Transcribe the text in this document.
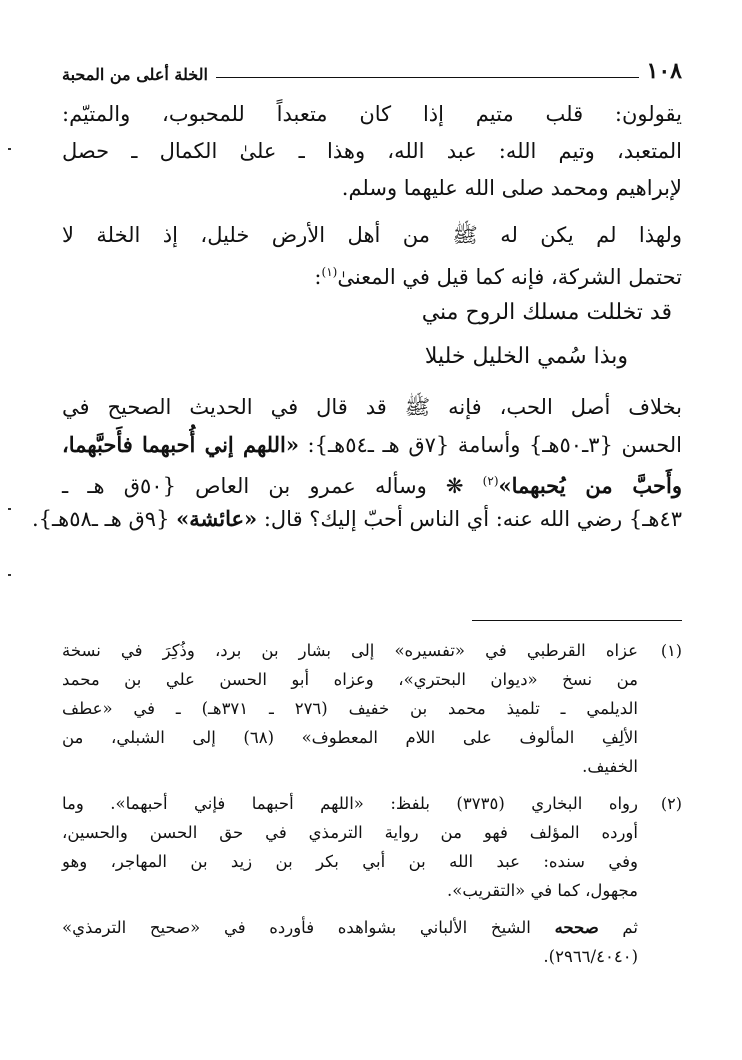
الخلة أعلى من المحبة	١٠٨
يقولون: قلب متيم إذا كان متعبداً للمحبوب، والمتيّم:
المتعبد، وتيم الله: عبد الله، وهذا ـ علىٰ الكمال ـ حصل
لإبراهيم ومحمد صلى الله عليهما وسلم.
ولهذا لم يكن له ﷺ من أهل الأرض خليل، إذ الخلة لا
تحتمل الشركة، فإنه كما قيل في المعنىٰ$^{(١)}$:
قد تخللت مسلك الروح مني
وبذا سُمي الخليل خليلا
بخلاف أصل الحب، فإنه ﷺ قد قال في الحديث الصحيح في
الحسن {٣ـ٥٠هـ} وأسامة {٧ق هـ ـ٥٤هـ}: «اللهم إني أُحبهما فأَحبَّهما،
وأَحبَّ من يُحبهما»$^{(٢)}$ ❋ وسأله عمرو بن العاص {٥٠ق هـ ـ
٤٣هـ} رضي الله عنه: أي الناس أحبّ إليك؟ قال: «عائشة» {٩ق هـ ـ٥٨هـ}.
(١)
عزاه القرطبي في «تفسيره» إلى بشار بن برد، وذُكِرَ في نسخة
من نسخ «ديوان البحتري»، وعزاه أبو الحسن علي بن محمد
الديلمي ـ تلميذ محمد بن خفيف (٢٧٦ ـ ٣٧١هـ) ـ في «عطف
الألِفِ المألوف على اللام المعطوف» (٦٨) إلى الشبلي، من
الخفيف.
(٢)
رواه البخاري (٣٧٣٥) بلفظ: «اللهم أحبهما فإني أحبهما». وما
أورده المؤلف فهو من رواية الترمذي في حق الحسن والحسين،
وفي سنده: عبد الله بن أبي بكر بن زيد بن المهاجر، وهو
مجهول، كما في «التقريب».
ثم صححه الشيخ الألباني بشواهده فأورده في «صحيح الترمذي»
(٢٩٦٦/٤٠٤٠).
